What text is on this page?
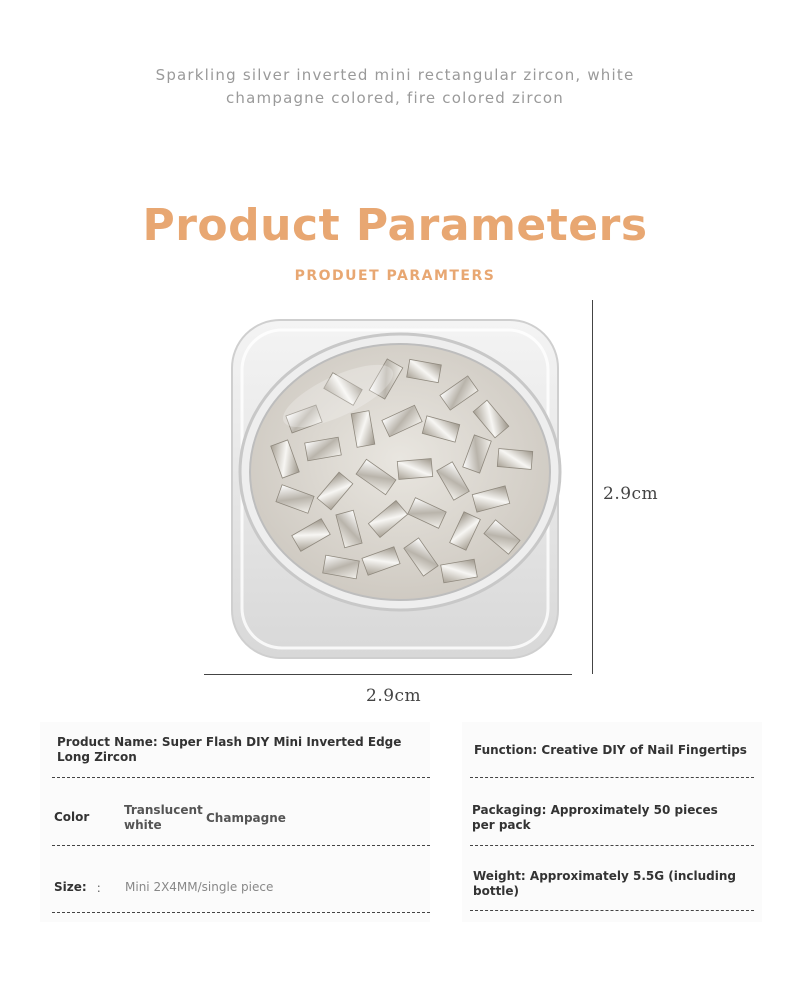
Sparkling silver inverted mini rectangular zircon, white
champagne colored, fire colored zircon
Product Parameters
PRODUET PARAMTERS
2.9cm
2.9cm
Product Name: Super Flash DIY Mini Inverted Edge Long Zircon
Color	Translucent white	Champagne
Size: ： Mini 2X4MM/single piece
Function: Creative DIY of Nail Fingertips
Packaging: Approximately 50 pieces per pack
Weight: Approximately 5.5G (including bottle)
